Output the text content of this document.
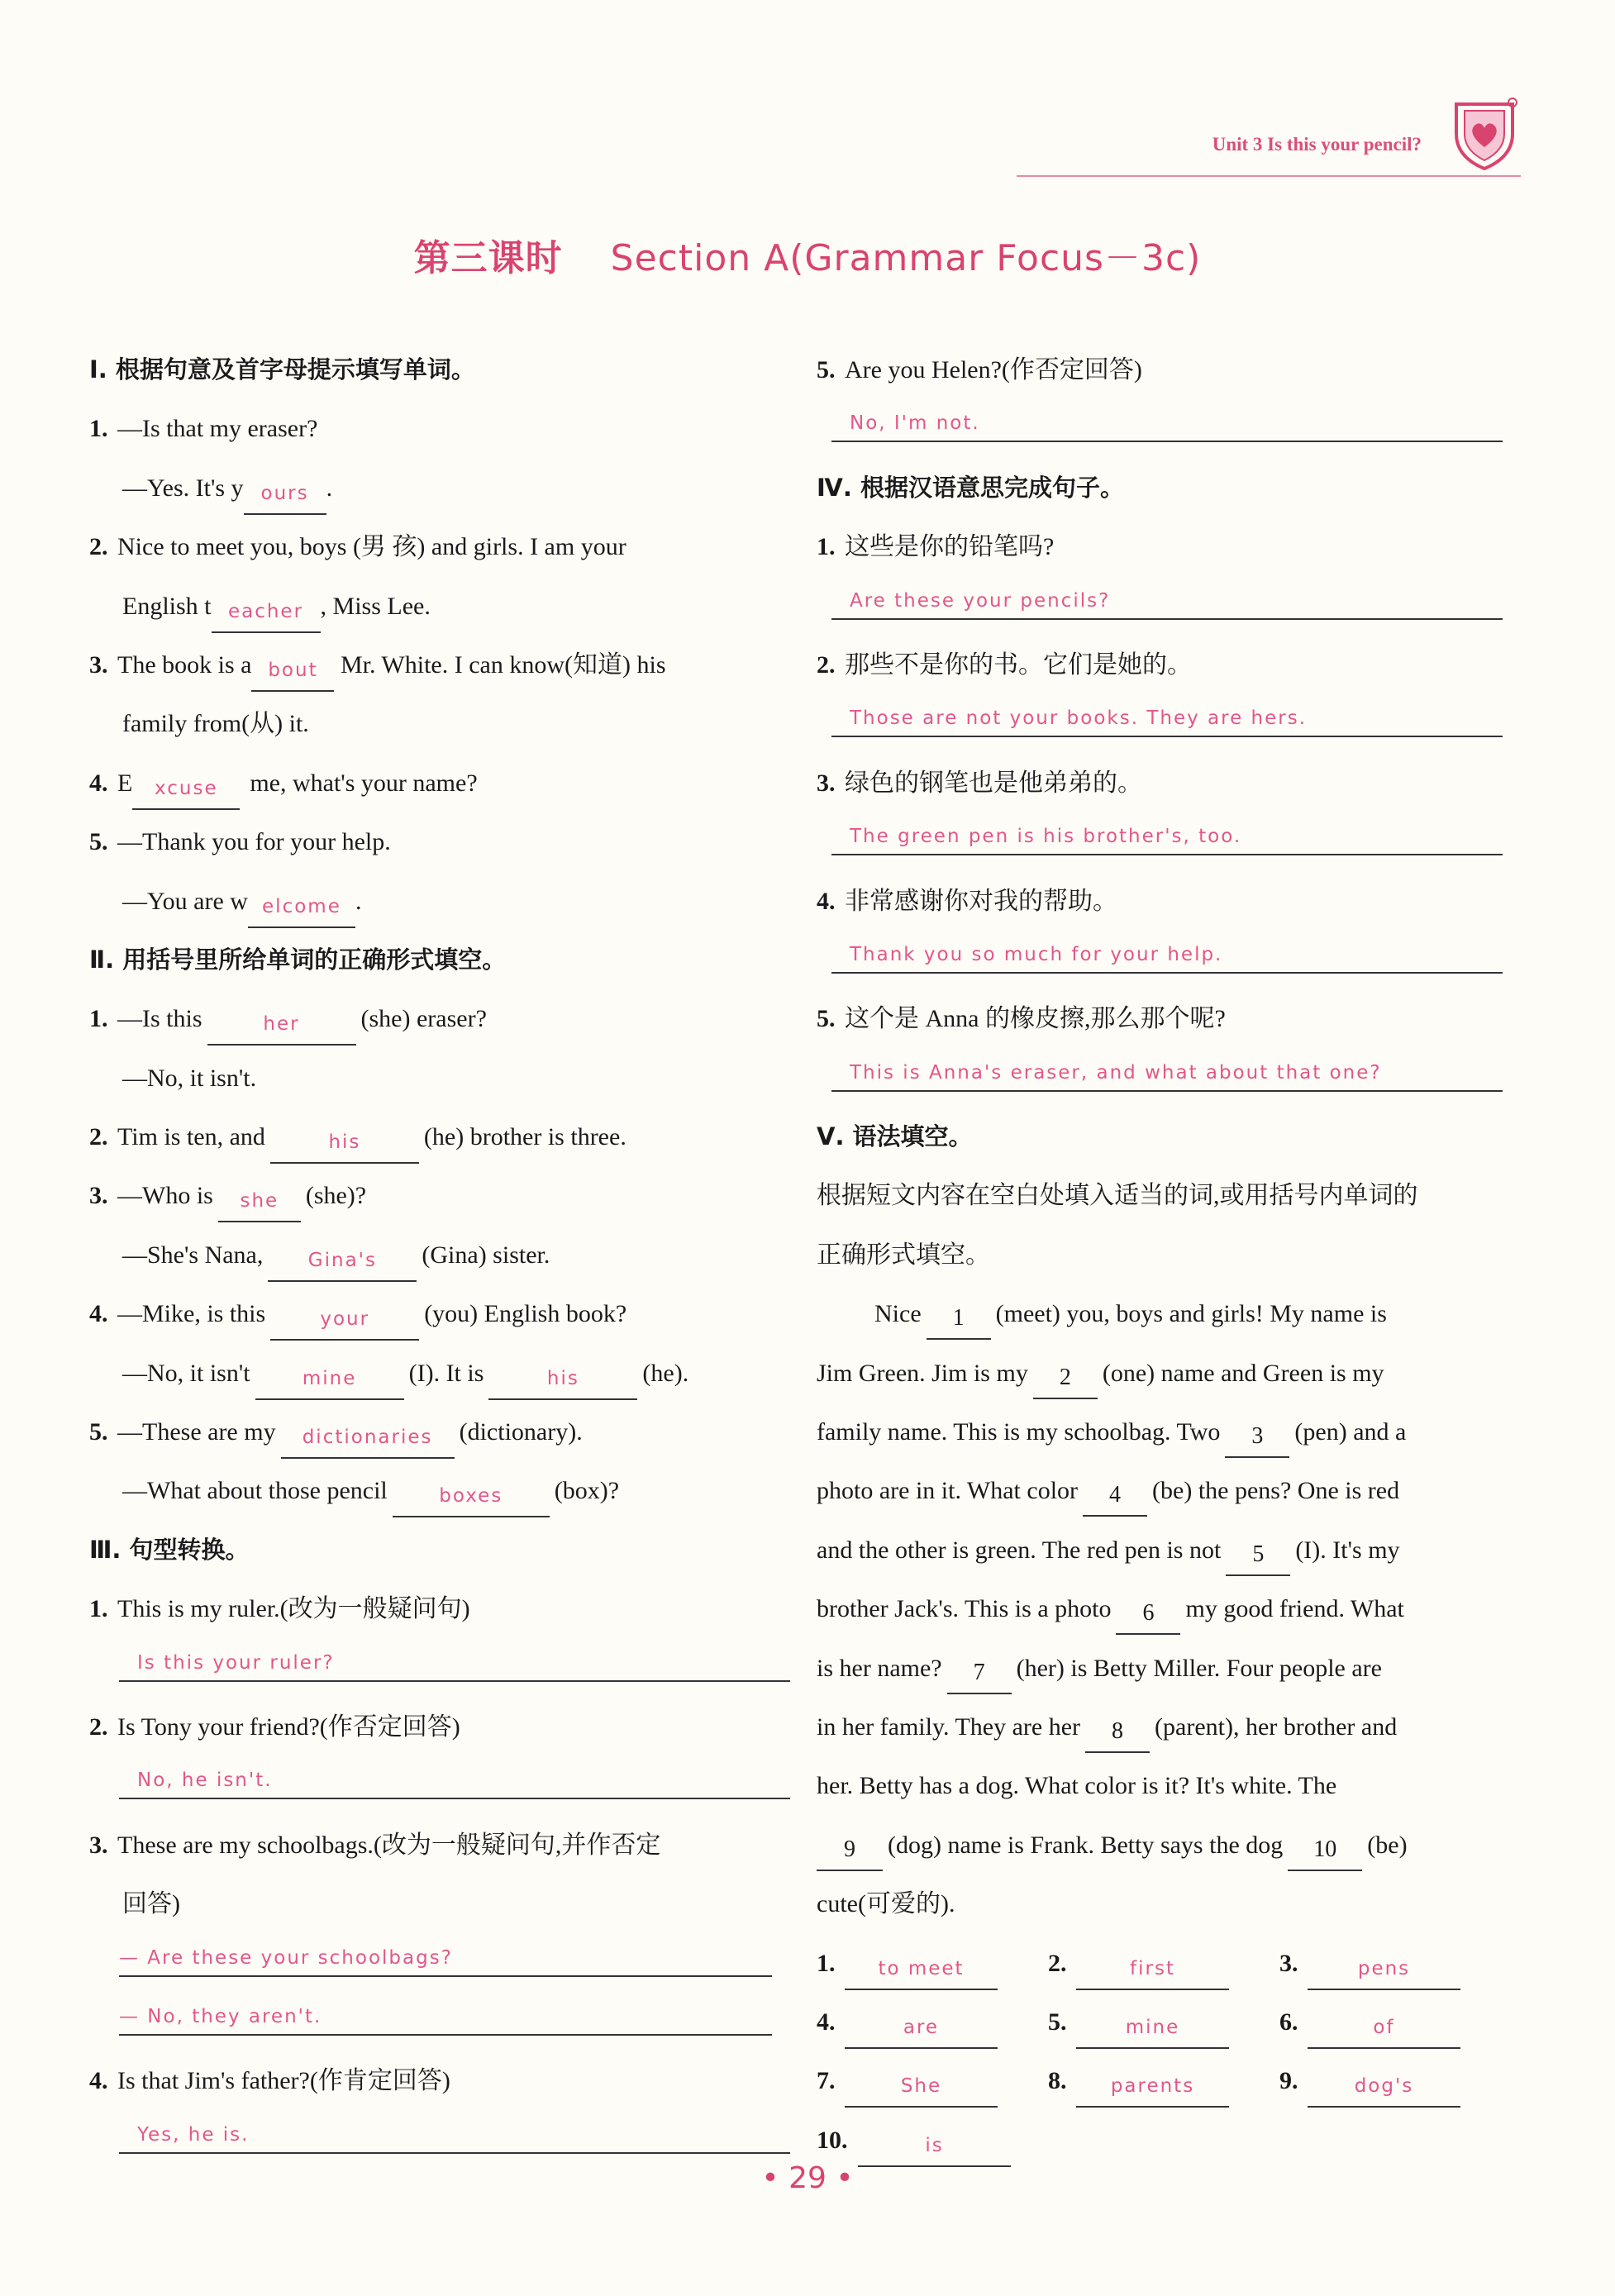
Unit 3 Is this your pencil?
第三课时 Section A(Grammar Focus－3c)
Ⅰ. 根据句意及首字母提示填写单词。
1. —Is that my eraser?
—Yes. It's y ours .
2. Nice to meet you, boys (男 孩) and girls. I am your
English t eacher , Miss Lee.
3. The book is a bout Mr. White. I can know(知道) his
family from(从) it.
4. E xcuse me, what's your name?
5. —Thank you for your help.
—You are w elcome .
Ⅱ. 用括号里所给单词的正确形式填空。
1. —Is this	her (she) eraser?
—No, it isn't.
2. Tim is ten, and	his	(he) brother is three.
3. —Who is she (she)?
—She's Nana, Gina's (Gina) sister.
4. —Mike, is this	your (you) English book?
—No, it isn't	mine (I). It is	his	(he).
5. —These are my dictionaries (dictionary).
—What about those pencil	boxes (box)?
Ⅲ. 句型转换。
1. This is my ruler.(改为一般疑问句)
Is this your ruler?
2. Is Tony your friend?(作否定回答)
No, he isn't.
3. These are my schoolbags.(改为一般疑问句,并作否定
回答)
— Are these your schoolbags?
— No, they aren't.
4. Is that Jim's father?(作肯定回答)
Yes, he is.
5. Are you Helen?(作否定回答)
No, I'm not.
Ⅳ. 根据汉语意思完成句子。
1. 这些是你的铅笔吗?
Are these your pencils?
2. 那些不是你的书。它们是她的。
Those are not your books. They are hers.
3. 绿色的钢笔也是他弟弟的。
The green pen is his brother's, too.
4. 非常感谢你对我的帮助。
Thank you so much for your help.
5. 这个是 Anna 的橡皮擦,那么那个呢?
This is Anna's eraser, and what about that one?
Ⅴ. 语法填空。
根据短文内容在空白处填入适当的词,或用括号内单词的
正确形式填空。
Nice 1 (meet) you, boys and girls! My name is
Jim Green. Jim is my 2 (one) name and Green is my
family name. This is my schoolbag. Two 3 (pen) and a
photo are in it. What color 4 (be) the pens? One is red
and the other is green. The red pen is not 5 (I). It's my
brother Jack's. This is a photo 6 my good friend. What
is her name? 7 (her) is Betty Miller. Four people are
in her family. They are her 8 (parent), her brother and
her. Betty has a dog. What color is it? It's white. The
9 (dog) name is Frank. Betty says the dog 10 (be)
cute(可爱的).
1. to meet	2.	first	3.	pens
4.	are	5.	mine	6.	of
7.	She	8. parents	9.	dog's
10.	is
• 29 •
